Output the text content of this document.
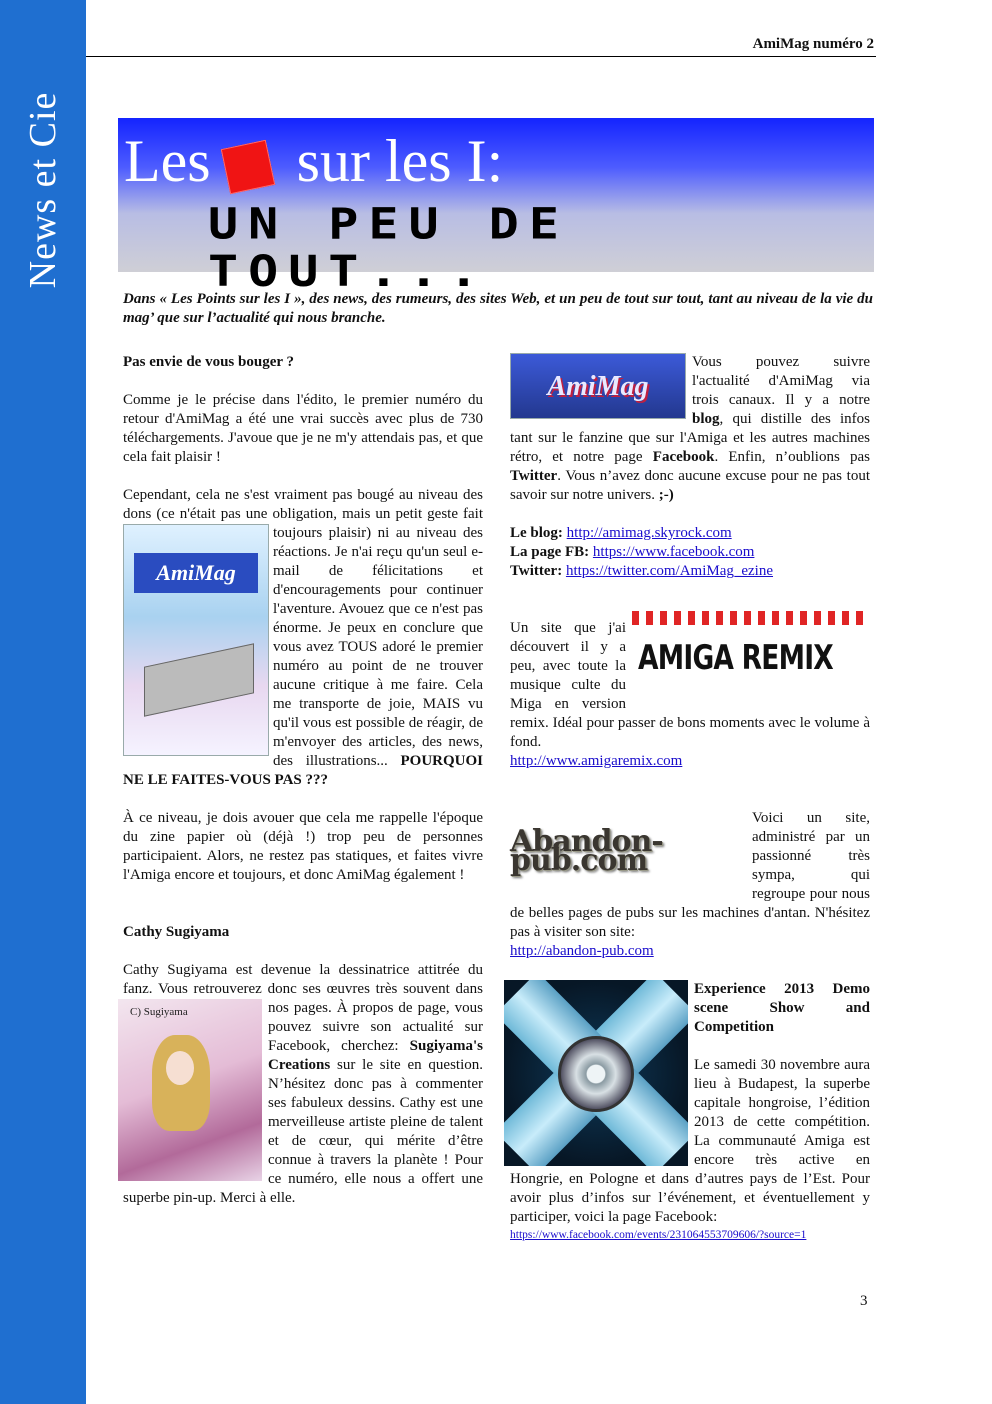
News et Cie
AmiMag numéro 2
Les sur les I:
UN PEU DE TOUT...
Dans « Les Points sur les I », des news, des rumeurs, des sites Web, et un peu de tout sur tout, tant au niveau de la vie du mag’ que sur l’actualité qui nous branche.

Pas envie de vous bouger ?

Comme je le précise dans l'édito, le premier numéro du retour d'AmiMag a été une vrai succès avec plus de 730 téléchargements. J'avoue que je ne m'y attendais pas, et que cela fait plaisir !

AmiMag

Cependant, cela ne s'est vraiment pas bougé au niveau des dons (ce n'était pas une obligation, mais un petit geste fait toujours plaisir) ni au niveau des réactions. Je n'ai reçu qu'un seul e-mail de félicitations et d'encouragements pour continuer l'aventure. Avouez que ce n'est pas énorme. Je peux en conclure que vous avez TOUS adoré le premier numéro au point de ne trouver aucune critique à me faire. Cela me transporte de joie, MAIS vu qu'il vous est possible de réagir, de m'envoyer des articles, des news, des illustrations... POURQUOI NE LE FAITES-VOUS PAS ???

À ce niveau, je dois avouer que cela me rappelle l'époque du zine papier où (déjà !) trop peu de personnes participaient. Alors, ne restez pas statiques, et faites vivre l'Amiga encore et toujours, et donc AmiMag également !

Cathy Sugiyama

C) Sugiyama

Cathy Sugiyama est devenue la dessinatrice attitrée du fanz. Vous retrouverez donc ses œuvres très souvent dans nos pages. À propos de page, vous pouvez suivre son actualité sur Facebook, cherchez: Sugiyama's Creations sur le site en question. N’hésitez donc pas à commenter ses fabuleux dessins. Cathy est une merveilleuse artiste pleine de talent et de cœur, qui mérite d’être connue à travers la planète ! Pour ce numéro, elle nous a offert une superbe pin-up. Merci à elle.

AmiMag

Vous pouvez suivre l'actualité d'AmiMag via trois canaux. Il y a notre blog, qui distille des infos tant sur le fanzine que sur l'Amiga et les autres machines rétro, et notre page Facebook. Enfin, n’oublions pas Twitter. Vous n’avez donc aucune excuse pour ne pas tout savoir sur notre univers. ;-)

Le blog: http://amimag.skyrock.com

La page FB: https://www.facebook.com

Twitter: https://twitter.com/AmiMag_ezine

AMIGA REMIX

Un site que j'ai découvert il y a peu, avec toute la musique culte du Miga en version remix. Idéal pour passer de bons moments avec le volume à fond.

http://www.amigaremix.com

Abandon-pub.com

Voici un site, administré par un passionné très sympa, qui regroupe pour nous de belles pages de pubs sur les machines d'antan. N'hésitez pas à visiter son site:

http://abandon-pub.com

Experience 2013 Demo scene Show and Competition

Le samedi 30 novembre aura lieu à Budapest, la superbe capitale hongroise, l’édition 2013 de cette compétition. La communauté Amiga est encore très active en Hongrie, en Pologne et dans d’autres pays de l’Est. Pour avoir plus d’infos sur l’événement, et éventuellement y participer, voici la page Facebook:

https://www.facebook.com/events/231064553709606/?source=1

3
